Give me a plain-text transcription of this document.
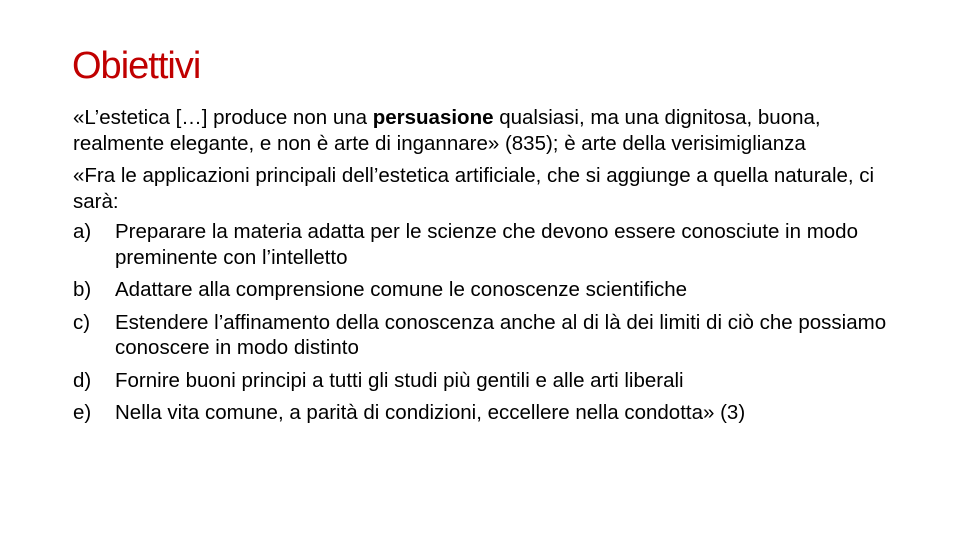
Obiettivi

«L’estetica […] produce non una persuasione qualsiasi, ma una dignitosa, buona, realmente elegante, e non è arte di ingannare» (835); è arte della verisimiglianza

«Fra le applicazioni principali dell’estetica artificiale, che si aggiunge a quella naturale, ci sarà:

a) Preparare la materia adatta per le scienze che devono essere conosciute in modo preminente con l’intelletto
b) Adattare alla comprensione comune le conoscenze scientifiche
c) Estendere l’affinamento della conoscenza anche al di là dei limiti di ciò che possiamo conoscere in modo distinto
d) Fornire buoni principi a tutti gli studi più gentili e alle arti liberali
e) Nella vita comune, a parità di condizioni, eccellere nella condotta» (3)
